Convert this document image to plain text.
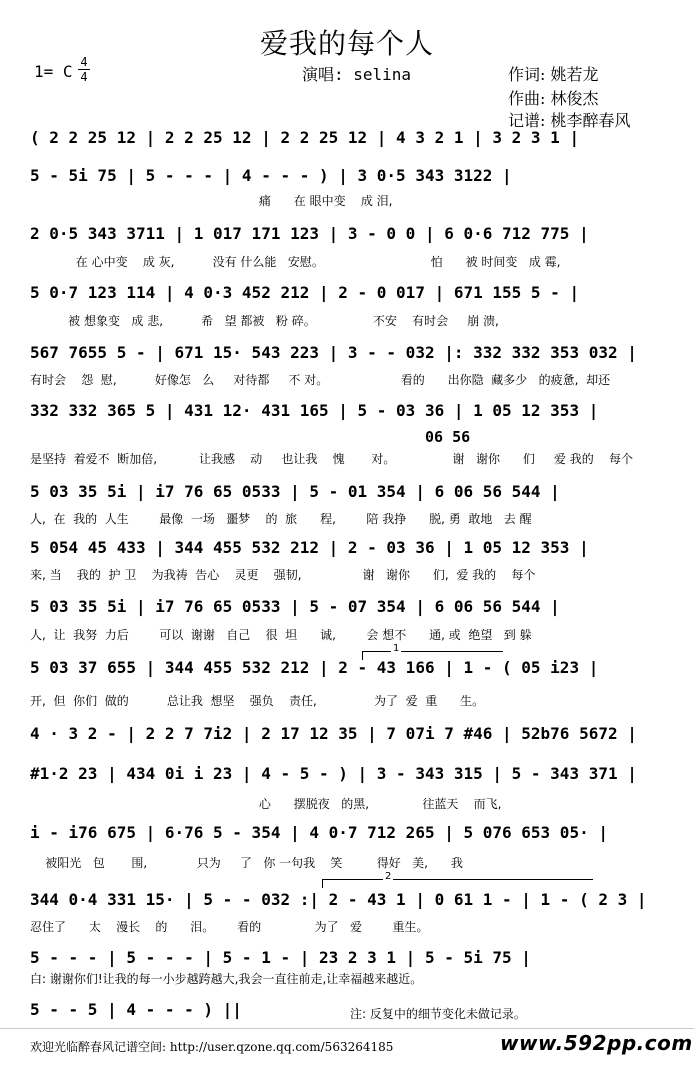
爱我的每个人
1= C 4
4	演唱: selina	作词: 姚若龙
作曲: 林俊杰
记谱: 桃李醉春风
( 2 2 25 12 | 2 2 25 12 | 2 2 25 12 | 4 3 2 1 | 3 2 3 1 |
5 - 5i 75 | 5 - - - | 4 - - - ) | 3 0·5 343 3122 |
痛      在 眼中变    成 泪,
2 0·5 343 3711 | 1 017 171 123 | 3 - 0 0 | 6 0·6 712 775 |
在 心中变    成 灰,          没有 什么能   安慰。                            怕      被 时间变   成 霉,
5 0·7 123 114 | 4 0·3 452 212 | 2 - 0 017 | 671 155 5 - |
被 想象变   成 悲,          希   望 都被   粉 碎。               不安    有时会     崩 溃,
567 7655 5 - | 671 15· 543 223 | 3 - - 032 |: 332 332 353 032 |
有时会    怨  慰,          好像怎   么     对待都     不 对。                   看的      出你隐  藏多少   的疲惫,  却还
332 332 365 5 | 431 12· 431 165 | 5 - 03 36 | 1 05 12 353 |
是坚持  着爱不  断加倍,           让我感    动     也让我    愧       对。               谢   谢你      们     爱 我的    每个
5 03 35 5i | i7 76 65 0533 | 5 - 01 354 | 6 06 56 544 |
人,  在  我的  人生        最像  一场   噩梦    的  旅      程,        陪 我挣      脱, 勇  敢地   去 醒
5 054 45 433 | 344 455 532 212 | 2 - 03 36 | 1 05 12 353 |
来, 当    我的  护 卫    为我祷  告心    灵更    强韧,                谢   谢你      们,  爱 我的    每个
5 03 35 5i | i7 76 65 0533 | 5 - 07 354 | 6 06 56 544 |
人,  让  我努  力后        可以  谢谢   自己    很  坦      诚,        会 想不      通, 或  绝望   到 躲
5 03 37 655 | 344 455 532 212 | 2 - 43 166 | 1 - ( 05 i23 |
开,  但  你们  做的          总让我  想坚    强负    责任,               为了  爱  重      生。
4 · 3 2 - | 2 2 7 7i2 | 2 17 12 35 | 7 07i 7 #46 | 52b76 5672 |
#1·2 23 | 434 0i i 23 | 4 - 5 - ) | 3 - 343 315 | 5 - 343 371 |
心      摆脱夜   的黑,              往蓝天    而飞,
i - i76 675 | 6·76 5 - 354 | 4 0·7 712 265 | 5 076 653 05· |
被阳光   包       围,             只为     了   你 一句我    笑         得好   美,      我
344 0·4 331 15· | 5 - - 032 :| 2 - 43 1 | 0 61 1 - | 1 - ( 2 3 |
忍住了      太    漫长    的      泪。      看的              为了   爱        重生。
5 - - - | 5 - - - | 5 - 1 - | 23 2 3 1 | 5 - 5i 75 |
白: 谢谢你们!让我的每一小步越跨越大,我会一直往前走,让幸福越来越近。
5 - - 5 | 4 - - - ) ||
06 56
1
2
注: 反复中的细节变化未做记录。
欢迎光临醉春风记谱空间: http://user.qzone.qq.com/563264185	www.592pp.com
